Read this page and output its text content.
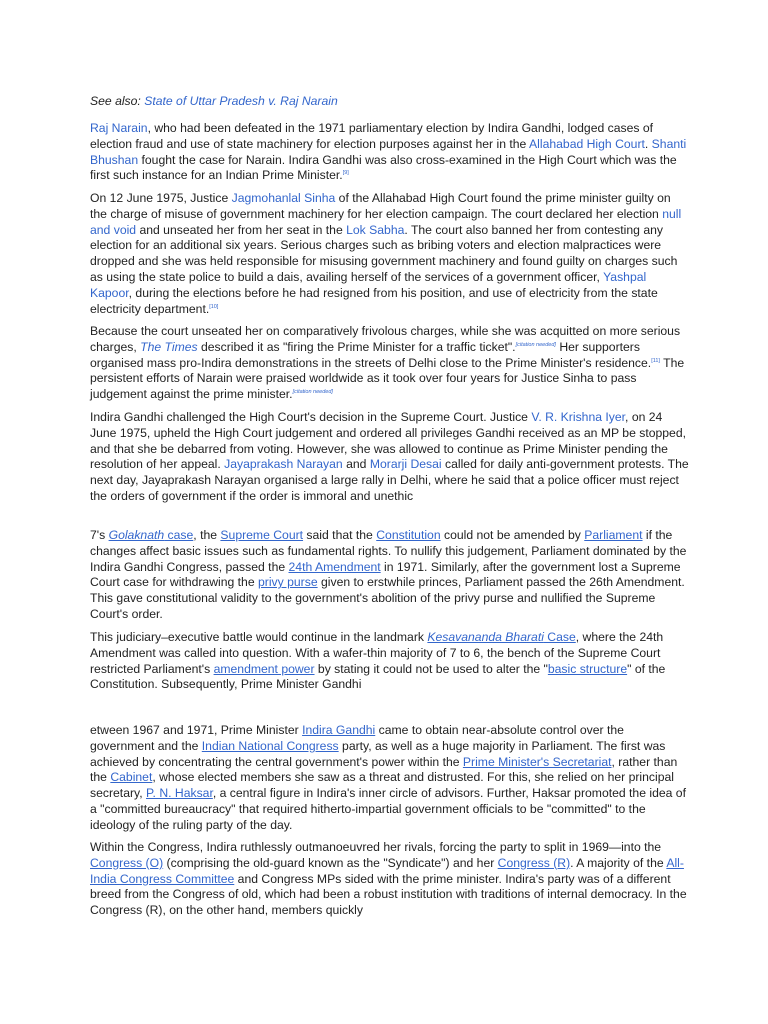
See also: State of Uttar Pradesh v. Raj Narain

Raj Narain, who had been defeated in the 1971 parliamentary election by Indira Gandhi, lodged cases of election fraud and use of state machinery for election purposes against her in the Allahabad High Court. Shanti Bhushan fought the case for Narain. Indira Gandhi was also cross-examined in the High Court which was the first such instance for an Indian Prime Minister.[9]

On 12 June 1975, Justice Jagmohanlal Sinha of the Allahabad High Court found the prime minister guilty on the charge of misuse of government machinery for her election campaign. The court declared her election null and void and unseated her from her seat in the Lok Sabha. The court also banned her from contesting any election for an additional six years. Serious charges such as bribing voters and election malpractices were dropped and she was held responsible for misusing government machinery and found guilty on charges such as using the state police to build a dais, availing herself of the services of a government officer, Yashpal Kapoor, during the elections before he had resigned from his position, and use of electricity from the state electricity department.[10]

Because the court unseated her on comparatively frivolous charges, while she was acquitted on more serious charges, The Times described it as "firing the Prime Minister for a traffic ticket".[citation needed] Her supporters organised mass pro-Indira demonstrations in the streets of Delhi close to the Prime Minister's residence.[11] The persistent efforts of Narain were praised worldwide as it took over four years for Justice Sinha to pass judgement against the prime minister.[citation needed]

Indira Gandhi challenged the High Court's decision in the Supreme Court. Justice V. R. Krishna Iyer, on 24 June 1975, upheld the High Court judgement and ordered all privileges Gandhi received as an MP be stopped, and that she be debarred from voting. However, she was allowed to continue as Prime Minister pending the resolution of her appeal. Jayaprakash Narayan and Morarji Desai called for daily anti-government protests. The next day, Jayaprakash Narayan organised a large rally in Delhi, where he said that a police officer must reject the orders of government if the order is immoral and unethic

7's Golaknath case, the Supreme Court said that the Constitution could not be amended by Parliament if the changes affect basic issues such as fundamental rights. To nullify this judgement, Parliament dominated by the Indira Gandhi Congress, passed the 24th Amendment in 1971. Similarly, after the government lost a Supreme Court case for withdrawing the privy purse given to erstwhile princes, Parliament passed the 26th Amendment. This gave constitutional validity to the government's abolition of the privy purse and nullified the Supreme Court's order.

This judiciary–executive battle would continue in the landmark Kesavananda Bharati Case, where the 24th Amendment was called into question. With a wafer-thin majority of 7 to 6, the bench of the Supreme Court restricted Parliament's amendment power by stating it could not be used to alter the "basic structure" of the Constitution. Subsequently, Prime Minister Gandhi

etween 1967 and 1971, Prime Minister Indira Gandhi came to obtain near-absolute control over the government and the Indian National Congress party, as well as a huge majority in Parliament. The first was achieved by concentrating the central government's power within the Prime Minister's Secretariat, rather than the Cabinet, whose elected members she saw as a threat and distrusted. For this, she relied on her principal secretary, P. N. Haksar, a central figure in Indira's inner circle of advisors. Further, Haksar promoted the idea of a "committed bureaucracy" that required hitherto-impartial government officials to be "committed" to the ideology of the ruling party of the day.

Within the Congress, Indira ruthlessly outmanoeuvred her rivals, forcing the party to split in 1969—into the Congress (O) (comprising the old-guard known as the "Syndicate") and her Congress (R). A majority of the All-India Congress Committee and Congress MPs sided with the prime minister. Indira's party was of a different breed from the Congress of old, which had been a robust institution with traditions of internal democracy. In the Congress (R), on the other hand, members quickly
